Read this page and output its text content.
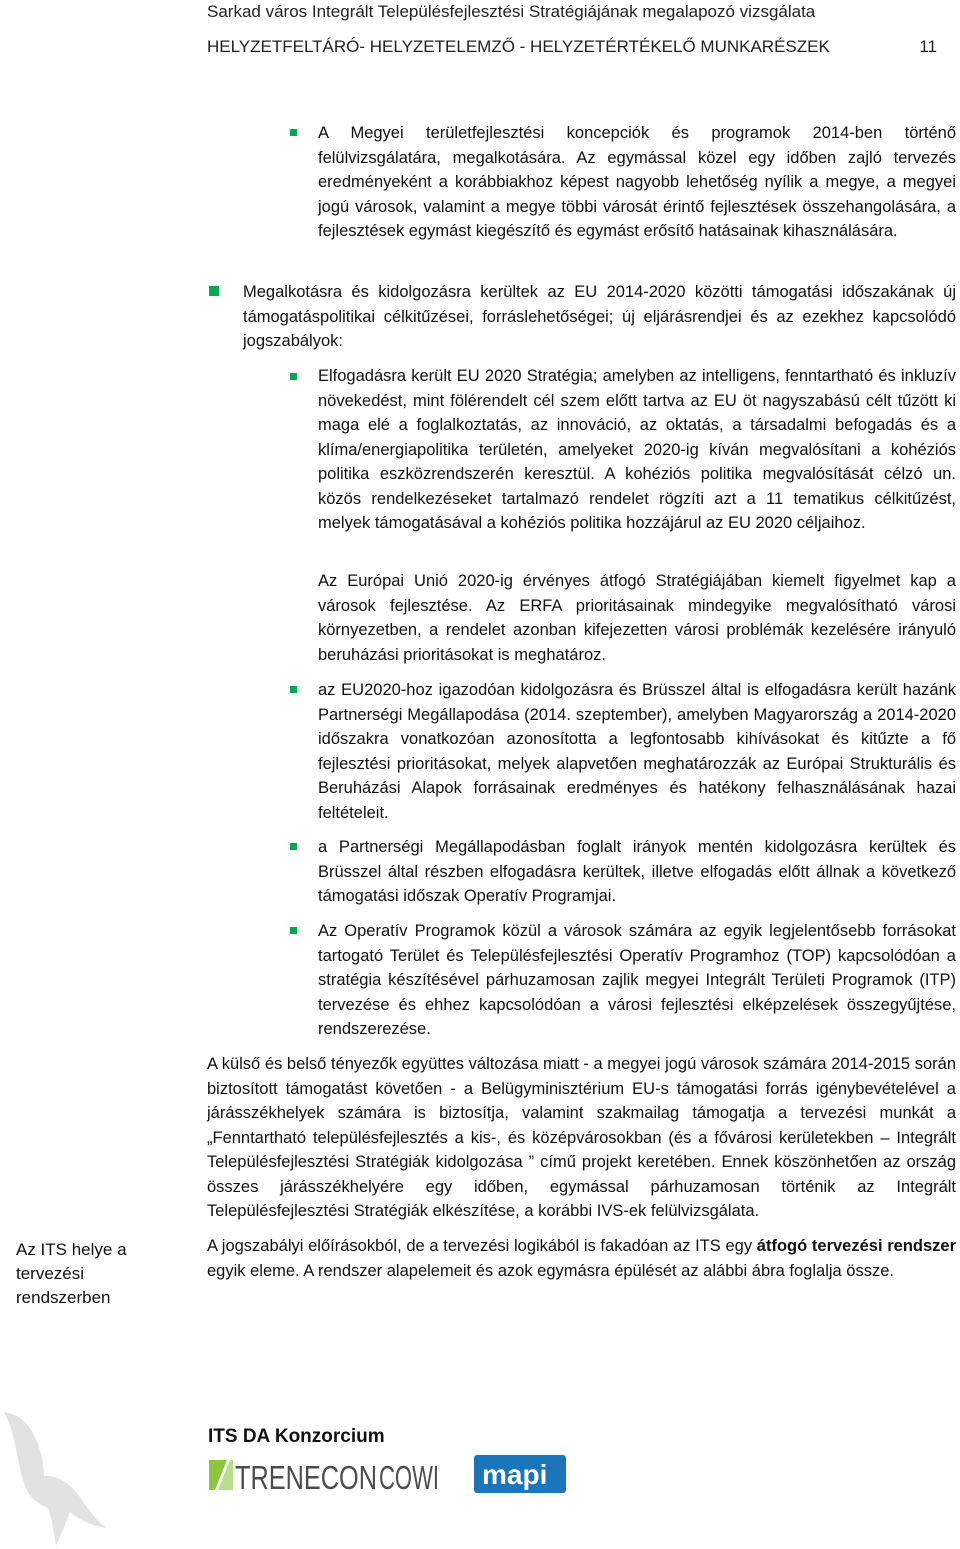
Sarkad város Integrált Településfejlesztési Stratégiájának megalapozó vizsgálata
HELYZETFELTÁRÓ- HELYZETELEMZŐ - HELYZETÉRTÉKELŐ MUNKARÉSZEK	11
A Megyei területfejlesztési koncepciók és programok 2014-ben történő felülvizsgálatára, megalkotására. Az egymással közel egy időben zajló tervezés eredményeként a korábbiakhoz képest nagyobb lehetőség nyílik a megye, a megyei jogú városok, valamint a megye többi városát érintő fejlesztések összehangolására, a fejlesztések egymást kiegészítő és egymást erősítő hatásainak kihasználására.
Megalkotásra és kidolgozásra kerültek az EU 2014-2020 közötti támogatási időszakának új támogatáspolitikai célkitűzései, forráslehetőségei; új eljárásrendjei és az ezekhez kapcsolódó jogszabályok:
Elfogadásra került EU 2020 Stratégia; amelyben az intelligens, fenntartható és inkluzív növekedést, mint fölérendelt cél szem előtt tartva az EU öt nagyszabású célt tűzött ki maga elé a foglalkoztatás, az innováció, az oktatás, a társadalmi befogadás és a klíma/energiapolitika területén, amelyeket 2020-ig kíván megvalósítani a kohéziós politika eszközrendszerén keresztül. A kohéziós politika megvalósítását célzó un. közös rendelkezéseket tartalmazó rendelet rögzíti azt a 11 tematikus célkitűzést, melyek támogatásával a kohéziós politika hozzájárul az EU 2020 céljaihoz.
Az Európai Unió 2020-ig érvényes átfogó Stratégiájában kiemelt figyelmet kap a városok fejlesztése. Az ERFA prioritásainak mindegyike megvalósítható városi környezetben, a rendelet azonban kifejezetten városi problémák kezelésére irányuló beruházási prioritásokat is meghatároz.
az EU2020-hoz igazodóan kidolgozásra és Brüsszel által is elfogadásra került hazánk Partnerségi Megállapodása (2014. szeptember), amelyben Magyarország a 2014-2020 időszakra vonatkozóan azonosította a legfontosabb kihívásokat és kitűzte a fő fejlesztési prioritásokat, melyek alapvetően meghatározzák az Európai Strukturális és Beruházási Alapok forrásainak eredményes és hatékony felhasználásának hazai feltételeit.
a Partnerségi Megállapodásban foglalt irányok mentén kidolgozásra kerültek és Brüsszel által részben elfogadásra kerültek, illetve elfogadás előtt állnak a következő támogatási időszak Operatív Programjai.
Az Operatív Programok közül a városok számára az egyik legjelentősebb forrásokat tartogató Terület és Településfejlesztési Operatív Programhoz (TOP) kapcsolódóan a stratégia készítésével párhuzamosan zajlik megyei Integrált Területi Programok (ITP) tervezése és ehhez kapcsolódóan a városi fejlesztési elképzelések összegyűjtése, rendszerezése.
A külső és belső tényezők együttes változása miatt - a megyei jogú városok számára 2014-2015 során biztosított támogatást követően - a Belügyminisztérium EU-s támogatási forrás igénybevételével a járásszékhelyek számára is biztosítja, valamint szakmailag támogatja a tervezési munkát a „Fenntartható településfejlesztés a kis-, és középvárosokban (és a fővárosi kerületekben – Integrált Településfejlesztési Stratégiák kidolgozása ” című projekt keretében. Ennek köszönhetően az ország összes járásszékhelyére egy időben, egymással párhuzamosan történik az Integrált Településfejlesztési Stratégiák elkészítése, a korábbi IVS-ek felülvizsgálata.
A jogszabályi előírásokból, de a tervezési logikából is fakadóan az ITS egy átfogó tervezési rendszer egyik eleme. A rendszer alapelemeit és azok egymásra épülését az alábbi ábra foglalja össze.
Az ITS helye a tervezési rendszerben
ITS DA Konzorcium
TRENECON COWI mapi
